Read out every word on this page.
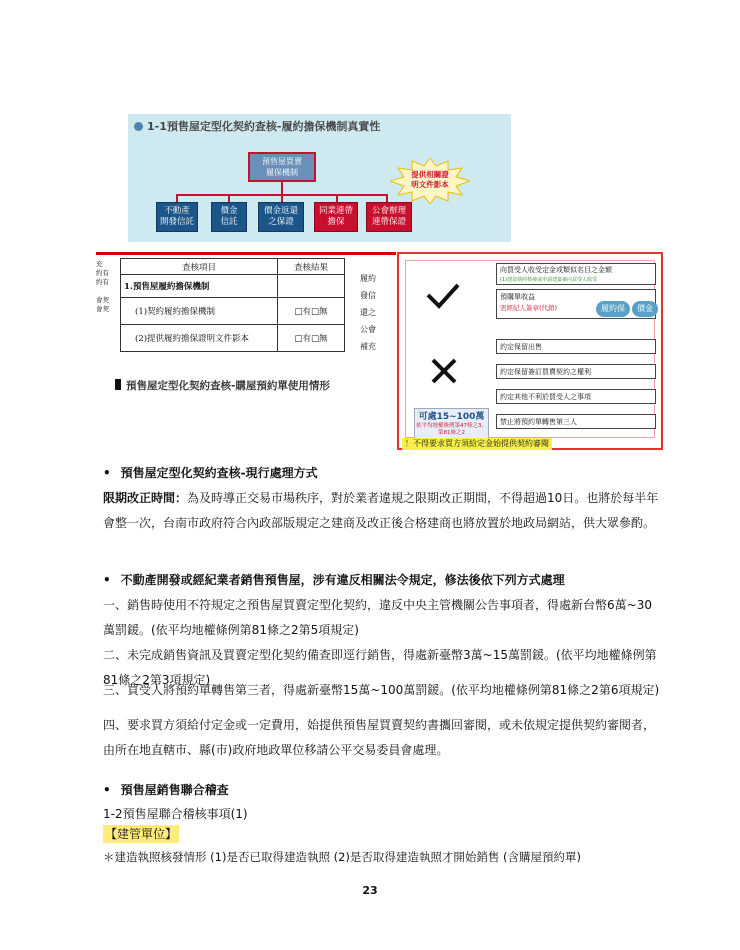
1-1預售屋定型化契約查核-履約擔保機制真實性
預售屋買賣
履保機制	提供相關證
明文件影本
不動產
開發信託
價金
信託
價金返還
之保證
同業連帶
擔保
公會辦理
連帶保證
充
約有
約有

會契
會契
查核項目	查核結果
1.預售屋履約擔保機制	
(1)契約履約擔保機制	□有□無
(2)提供履約擔保證明文件影本	□有□無
履約
發信
還之
公會
補充
向買受人收受定金或類似名目之金額
(1)建造執照核發或申請建築案向買受人收受
預購單收益
需經紀人簽章(代銷)	履約保	價金
約定保留出售
約定保留簽訂買賣契約之權利
約定其他不利於買受人之事項
禁止將預約單轉售第三人
可處15~100萬
依平均地權條例第47條之3、第81條之2
！不得要求買方須給定金始提供契約審閱
預售屋定型化契約查核-購屋預約單使用情形
• 預售屋定型化契約查核-現行處理方式
限期改正時間：為及時導正交易市場秩序，對於業者違規之限期改正期間，不得超過10日。也將於每半年會整一次，台南市政府符合內政部版規定之建商及改正後合格建商也將放置於地政局網站，供大眾參酌。
• 不動產開發或經紀業者銷售預售屋，涉有違反相關法令規定，修法後依下列方式處理
一、銷售時使用不符規定之預售屋買賣定型化契約，違反中央主管機關公告事項者，得處新台幣6萬~30萬罰鍰。(依平均地權條例第81條之2第5項規定)
二、未完成銷售資訊及買賣定型化契約備查即逕行銷售，得處新臺幣3萬~15萬罰鍰。(依平均地權條例第81條之2第3項規定)
三、買受人將預約單轉售第三者，得處新臺幣15萬~100萬罰鍰。(依平均地權條例第81條之2第6項規定)
四、要求買方須給付定金或一定費用，始提供預售屋買賣契約書攜回審閱，或未依規定提供契約審閱者，由所在地直轄市、縣(市)政府地政單位移請公平交易委員會處理。
• 預售屋銷售聯合稽查
1-2預售屋聯合稽核事項(1)
【建管單位】
＊建造執照核發情形 (1)是否已取得建造執照 (2)是否取得建造執照才開始銷售 (含購屋預約單)
23
